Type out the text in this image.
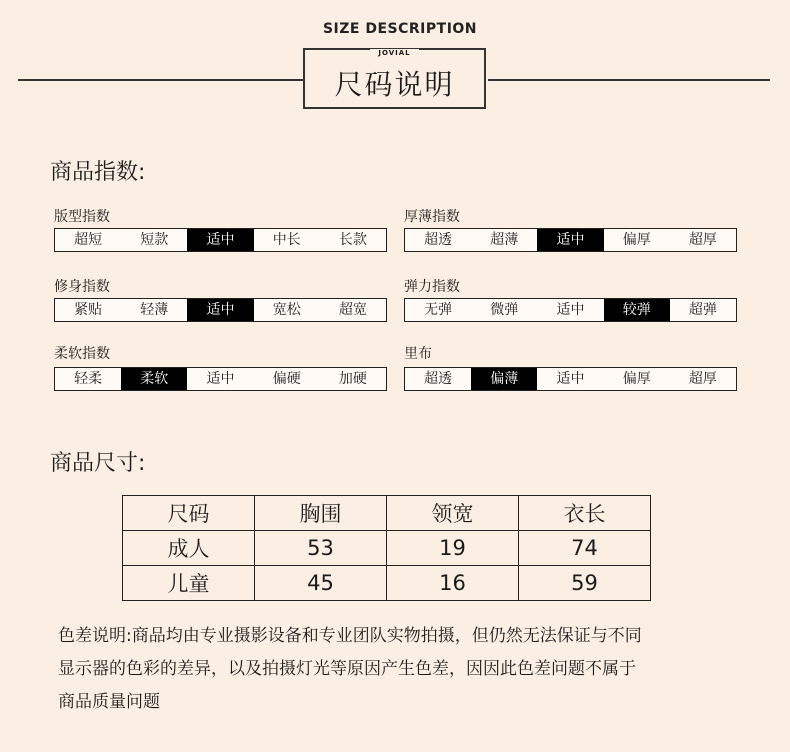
SIZE DESCRIPTION
JOVIAL
尺码说明
商品指数:
版型指数
超短	短款	适中	中长	长款
厚薄指数
超透	超薄	适中	偏厚	超厚
修身指数
紧贴	轻薄	适中	宽松	超宽
弹力指数
无弹	微弹	适中	较弹	超弹
柔软指数
轻柔	柔软	适中	偏硬	加硬
里布
超透	偏薄	适中	偏厚	超厚
商品尺寸:
尺码	胸围	领宽	衣长
成人	53	19	74
儿童	45	16	59
色差说明:商品均由专业摄影设备和专业团队实物拍摄，但仍然无法保证与不同
显示器的色彩的差异，以及拍摄灯光等原因产生色差，因因此色差问题不属于
商品质量问题
